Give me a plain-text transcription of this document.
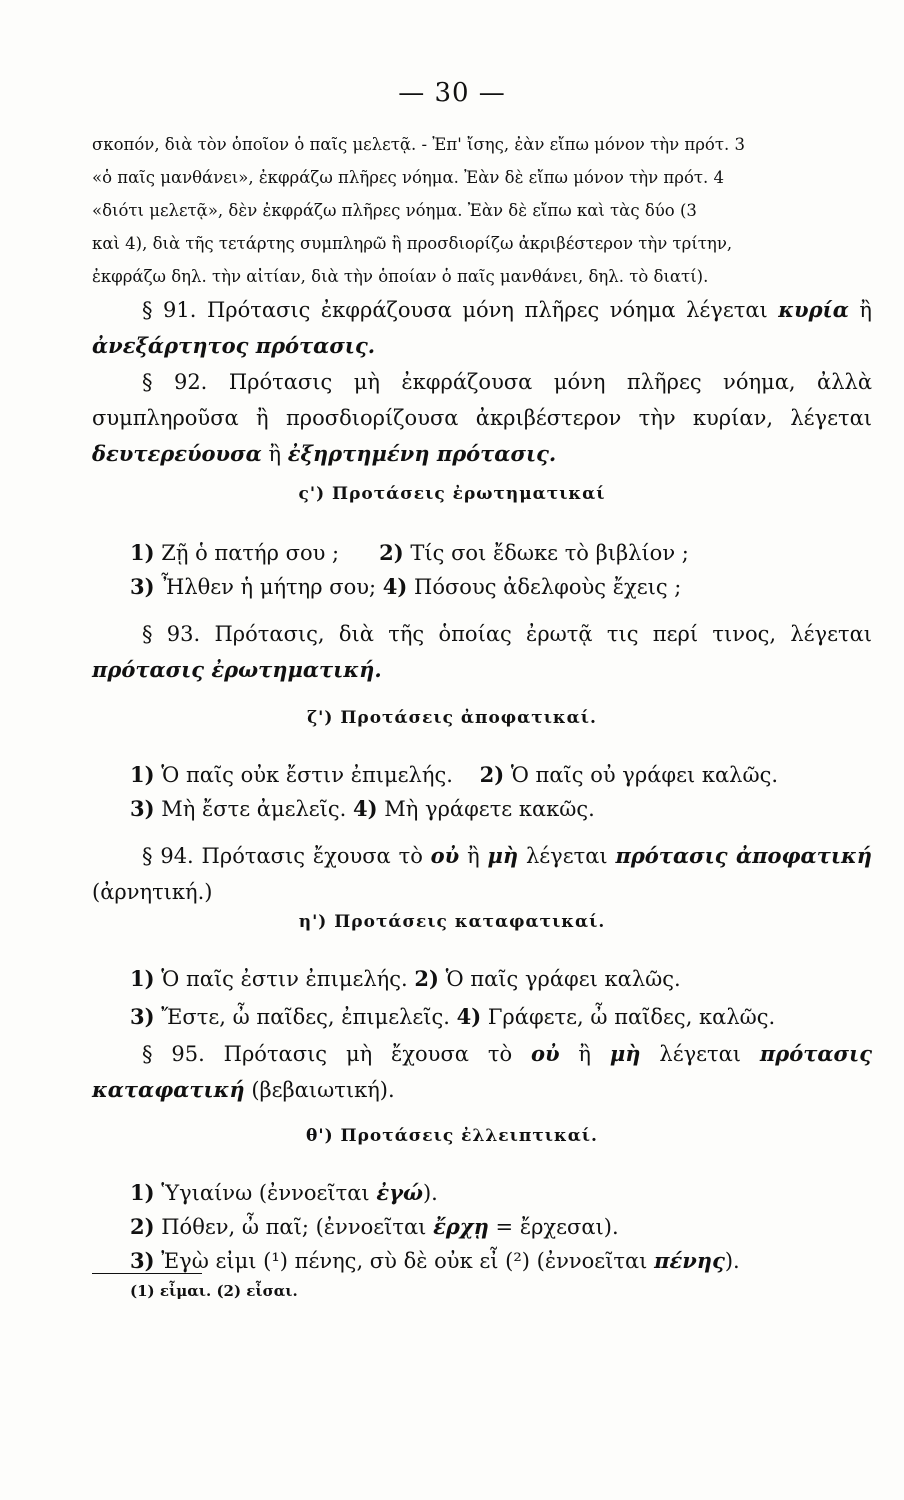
— 30 —
σκοπόν, διὰ τὸν ὁποῖον ὁ παῖς μελετᾷ. - Ἐπ' ἴσης, ἐὰν εἴπω μόνον τὴν πρότ. 3
«ὁ παῖς μανθάνει», ἐκφράζω πλῆρες νόημα. Ἐὰν δὲ εἴπω μόνον τὴν πρότ. 4
«διότι μελετᾷ», δὲν ἐκφράζω πλῆρες νόημα. Ἐὰν δὲ εἴπω καὶ τὰς δύο (3
καὶ 4), διὰ τῆς τετάρτης συμπληρῶ ἢ προσδιορίζω ἀκριβέστερον τὴν τρίτην,
ἐκφράζω δηλ. τὴν αἰτίαν, διὰ τὴν ὁποίαν ὁ παῖς μανθάνει, δηλ. τὸ διατί).

§ 91. Πρότασις ἐκφράζουσα μόνη πλῆρες νόημα λέγεται κυρία ἢ ἀνεξάρτητος πρότασις.

§ 92. Πρότασις μὴ ἐκφράζουσα μόνη πλῆρες νόημα, ἀλλὰ συμπληροῦσα ἢ προσδιορίζουσα ἀκριβέστερον τὴν κυρίαν, λέγεται δευτερεύουσα ἢ ἐξηρτημένη πρότασις.

ς') Προτάσεις ἐρωτηματικαί
1) Ζῇ ὁ πατήρ σου ; 2) Τίς σοι ἔδωκε τὸ βιβλίον ;
3) Ἦλθεν ἡ μήτηρ σου; 4) Πόσους ἀδελφοὺς ἔχεις ;

§ 93. Πρότασις, διὰ τῆς ὁποίας ἐρωτᾷ τις περί τινος, λέγεται πρότασις ἐρωτηματική.

ζ') Προτάσεις ἀποφατικαί.
1) Ὁ παῖς οὐκ ἔστιν ἐπιμελής. 2) Ὁ παῖς οὐ γράφει καλῶς.
3) Μὴ ἔστε ἀμελεῖς. 4) Μὴ γράφετε κακῶς.

§ 94. Πρότασις ἔχουσα τὸ οὐ ἢ μὴ λέγεται πρότασις ἀποφατική (ἀρνητική.)

η') Προτάσεις καταφατικαί.
1) Ὁ παῖς ἐστιν ἐπιμελής. 2) Ὁ παῖς γράφει καλῶς.
3) Ἔστε, ὦ παῖδες, ἐπιμελεῖς. 4) Γράφετε, ὦ παῖδες, καλῶς.

§ 95. Πρότασις μὴ ἔχουσα τὸ οὐ ἢ μὴ λέγεται πρότασις καταφατική (βεβαιωτική).

θ') Προτάσεις ἐλλειπτικαί.
1) Ὑγιαίνω (ἐννοεῖται ἐγώ).
2) Πόθεν, ὦ παῖ; (ἐννοεῖται ἔρχῃ = ἔρχεσαι).
3) Ἐγὼ εἰμι (¹) πένης, σὺ δὲ οὐκ εἶ (²) (ἐννοεῖται πένης).
(1) εἶμαι. (2) εἶσαι.
